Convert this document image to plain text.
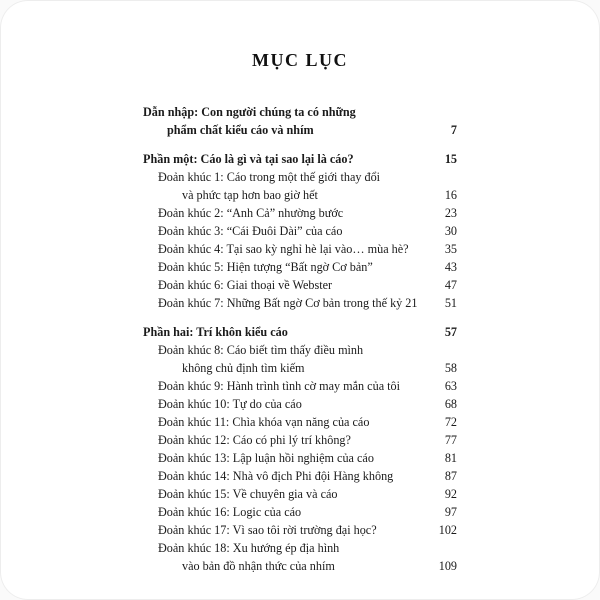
MỤC LỤC
Dẫn nhập: Con người chúng ta có những
phẩm chất kiểu cáo và nhím	7
Phần một: Cáo là gì và tại sao lại là cáo?	15
Đoản khúc 1: Cáo trong một thế giới thay đổi
và phức tạp hơn bao giờ hết	16
Đoản khúc 2: “Anh Cả” nhường bước	23
Đoản khúc 3: “Cái Đuôi Dài” của cáo	30
Đoản khúc 4: Tại sao kỳ nghỉ hè lại vào… mùa hè?	35
Đoản khúc 5: Hiện tượng “Bất ngờ Cơ bản”	43
Đoản khúc 6: Giai thoại về Webster	47
Đoản khúc 7: Những Bất ngờ Cơ bản trong thế kỷ 21	51
Phần hai: Trí khôn kiểu cáo	57
Đoản khúc 8: Cáo biết tìm thấy điều mình
không chủ định tìm kiếm	58
Đoản khúc 9: Hành trình tình cờ may mắn của tôi	63
Đoản khúc 10: Tự do của cáo	68
Đoản khúc 11: Chìa khóa vạn năng của cáo	72
Đoản khúc 12: Cáo có phi lý trí không?	77
Đoản khúc 13: Lập luận hồi nghiệm của cáo	81
Đoản khúc 14: Nhà vô địch Phi đội Hàng không	87
Đoản khúc 15: Về chuyên gia và cáo	92
Đoản khúc 16: Logic của cáo	97
Đoản khúc 17: Vì sao tôi rời trường đại học?	102
Đoản khúc 18: Xu hướng ép địa hình
vào bản đồ nhận thức của nhím	109
